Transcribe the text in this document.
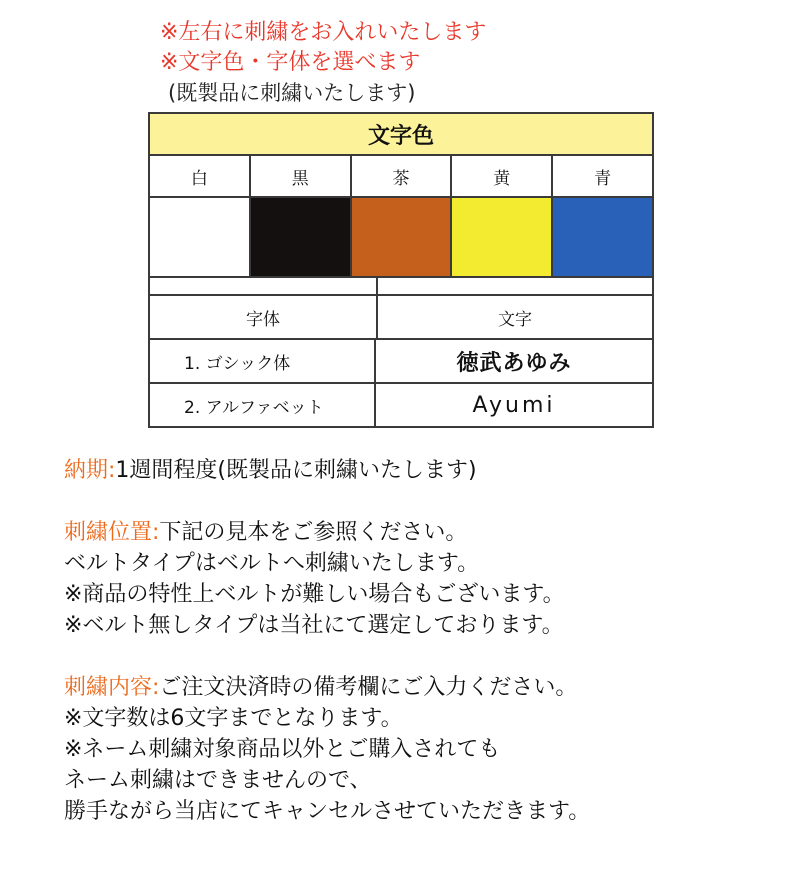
※左右に刺繍をお入れいたします
※文字色・字体を選べます
(既製品に刺繍いたします)
文字色
白	黒	茶	黄	青
字体	文字
1. ゴシック体	徳武あゆみ
2. アルファベット	Ayumi
納期:1週間程度(既製品に刺繍いたします)
刺繍位置:下記の見本をご参照ください。
ベルトタイプはベルトへ刺繍いたします。
※商品の特性上ベルトが難しい場合もございます。
※ベルト無しタイプは当社にて選定しております。
刺繍内容:ご注文決済時の備考欄にご入力ください。
※文字数は6文字までとなります。
※ネーム刺繍対象商品以外とご購入されても
ネーム刺繍はできませんので、
勝手ながら当店にてキャンセルさせていただきます。
